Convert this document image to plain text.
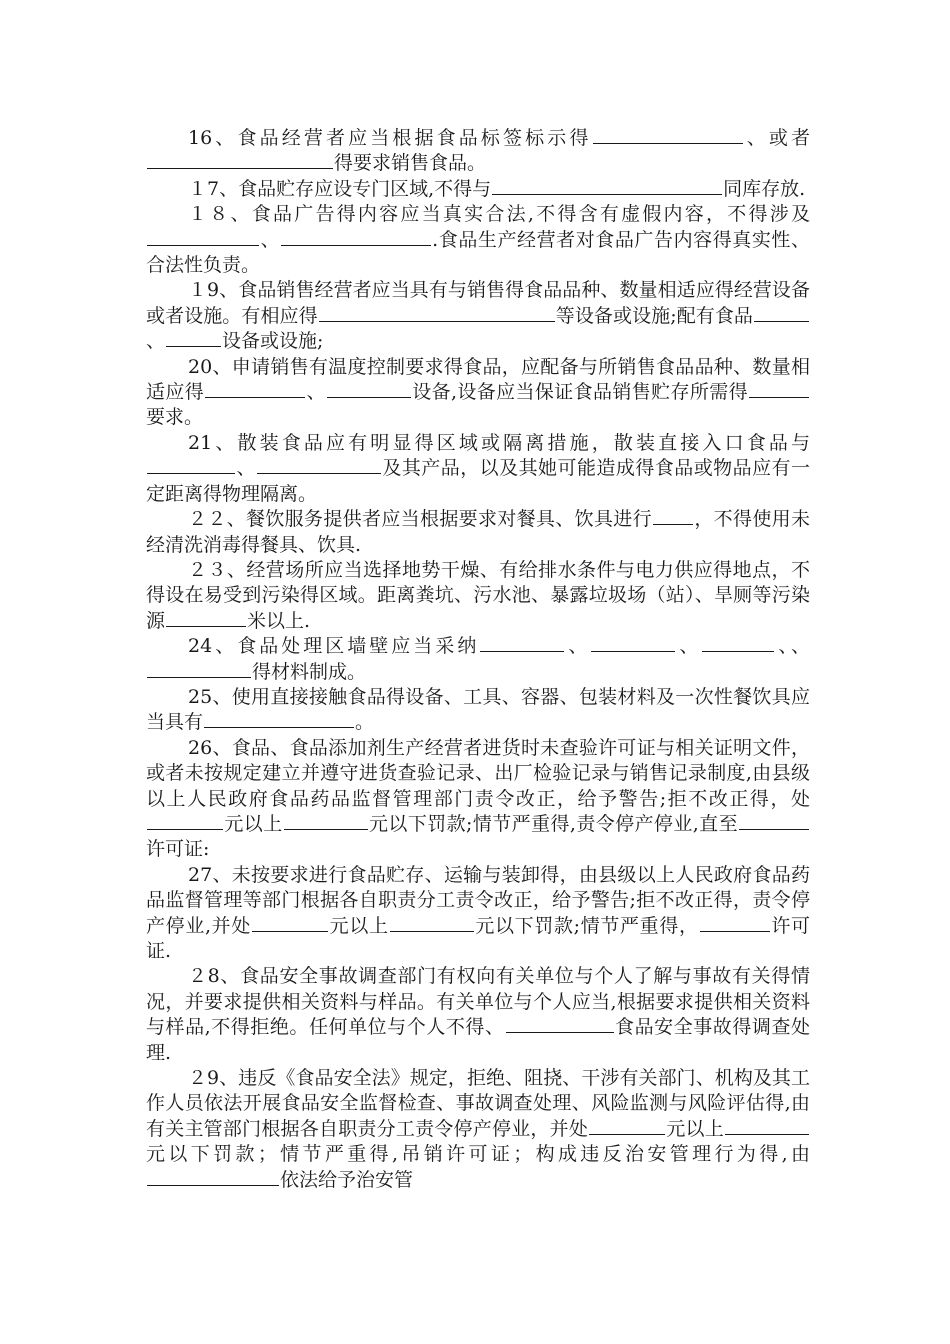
16、食品经营者应当根据食品标签标示得	、或者得要求销售食品。

１7、食品贮存应设专门区域,不得与	同库存放.

１８、食品广告得内容应当真实合法,不得含有虚假内容，不得涉及、	.食品生产经营者对食品广告内容得真实性、合法性负责。

１9、食品销售经营者应当具有与销售得食品品种、数量相适应得经营设备或者设施。有相应得	等设备或设施;配有食品、	设备或设施;

20、申请销售有温度控制要求得食品，应配备与所销售食品品种、数量相适应得	、	设备,设备应当保证食品销售贮存所需得要求。

21、散装食品应有明显得区域或隔离措施，散装直接入口食品与、	及其产品，以及其她可能造成得食品或物品应有一定距离得物理隔离。

２２、餐饮服务提供者应当根据要求对餐具、饮具进行 ，不得使用未经清洗消毒得餐具、饮具.

２３、经营场所应当选择地势干燥、有给排水条件与电力供应得地点，不得设在易受到污染得区域。距离粪坑、污水池、暴露垃圾场（站）、旱厕等污染源	米以上.

24、食品处理区墙壁应当采纳	、	、	、、得材料制成。

25、使用直接接触食品得设备、工具、容器、包装材料及一次性餐饮具应当具有	。

26、食品、食品添加剂生产经营者进货时未查验许可证与相关证明文件，或者未按规定建立并遵守进货查验记录、出厂检验记录与销售记录制度,由县级以上人民政府食品药品监督管理部门责令改正，给予警告;拒不改正得，处元以上	元以下罚款;情节严重得,责令停产停业,直至许可证:

27、未按要求进行食品贮存、运输与装卸得，由县级以上人民政府食品药品监督管理等部门根据各自职责分工责令改正，给予警告;拒不改正得，责令停产停业,并处	元以上	元以下罚款;情节严重得，	许可证.

２8、食品安全事故调查部门有权向有关单位与个人了解与事故有关得情况，并要求提供相关资料与样品。有关单位与个人应当,根据要求提供相关资料与样品,不得拒绝。任何单位与个人不得、	食品安全事故得调查处理.

２9、违反《食品安全法》规定，拒绝、阻挠、干涉有关部门、机构及其工作人员依法开展食品安全监督检查、事故调查处理、风险监测与风险评估得,由有关主管部门根据各自职责分工责令停产停业，并处	元以上元以下罚款；情节严重得,吊销许可证；构成违反治安管理行为得,由依法给予治安管
